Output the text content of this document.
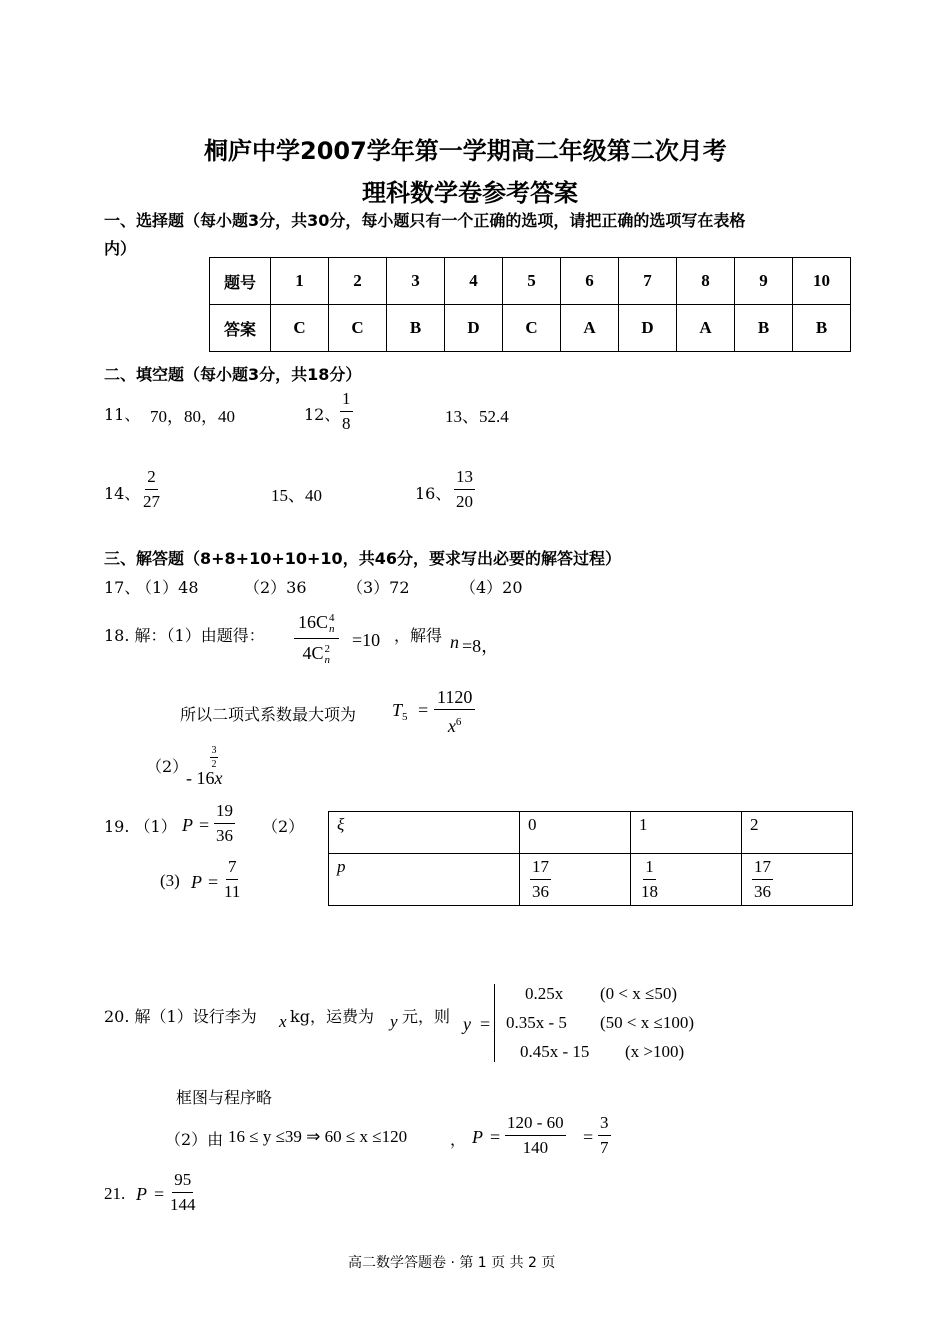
桐庐中学2007学年第一学期高二年级第二次月考
理科数学卷参考答案
一、选择题（每小题3分，共30分，每小题只有一个正确的选项，请把正确的选项写在表格
内）
题号	1	2	3	4	5	6	7	8	9	10
答案	C	C	B	D	C	A	D	A	B	B
二、填空题（每小题3分，共18分）
11、 70，80，40	12、 $\frac{1}{8}$	13、52.4
14、 $\frac{2}{27}$	15、40	16、 $\frac{13}{20}$
三、解答题（8+8+10+10+10，共46分，要求写出必要的解答过程）
17、
（1）48	（2）36	（3）72	（4）20
18. 解：（1）由题得： 16C 4
n
4C 2
n =10 ，解得 n =8，
所以二项式系数最大项为 $T_5 = \frac{1120}{x^6}$
（2）
- 16x
$\frac{3}{2}$
19. （1） $P = \frac{19}{36} (2)$
(3) $P = \frac{7}{11}$
ξ	0	1	2
p	$\frac{17}{36}$	$\frac{1}{18}$	$\frac{17}{36}$
20. 解（1）设行李为 x kg，运费为 y 元，则 y =
0.25x (0 < x ≤50)
0.35x - 5 (50 < x ≤100)
0.45x - 15 (x >100)
框图与程序略
（2）由 16 ≤ y ≤39 ⇒ 60 ≤ x ≤120	， $P = \frac{120 - 60}{140} = \frac{3}{7}$
21. $P = \frac{95}{144}$
高二数学答题卷 · 第 1 页 共 2 页
